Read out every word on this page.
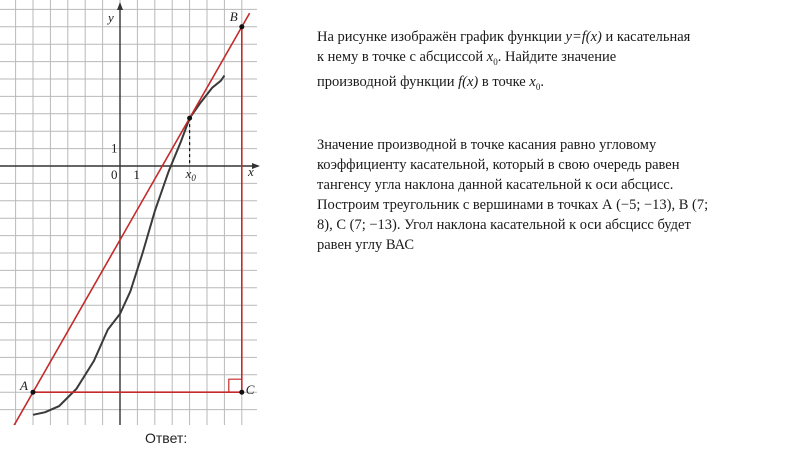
y
x
0 1
1
$x_0$
A
B
C

На рисунке изображён график функции y=f(x) и касательная

к нему в точке с абсциссой $x_0$. Найдите значение

производной функции f(x) в точке $x_0$.

Значение производной в точке касания равно угловому коэффициенту касательной, который в свою очередь равен тангенсу угла наклона данной касательной к оси абсцисс. Построим треугольник с вершинами в точках А (−5; −13), В (7; 8), С (7; −13). Угол наклона касательной к оси абсцисс будет равен углу ВАС

Ответ:
